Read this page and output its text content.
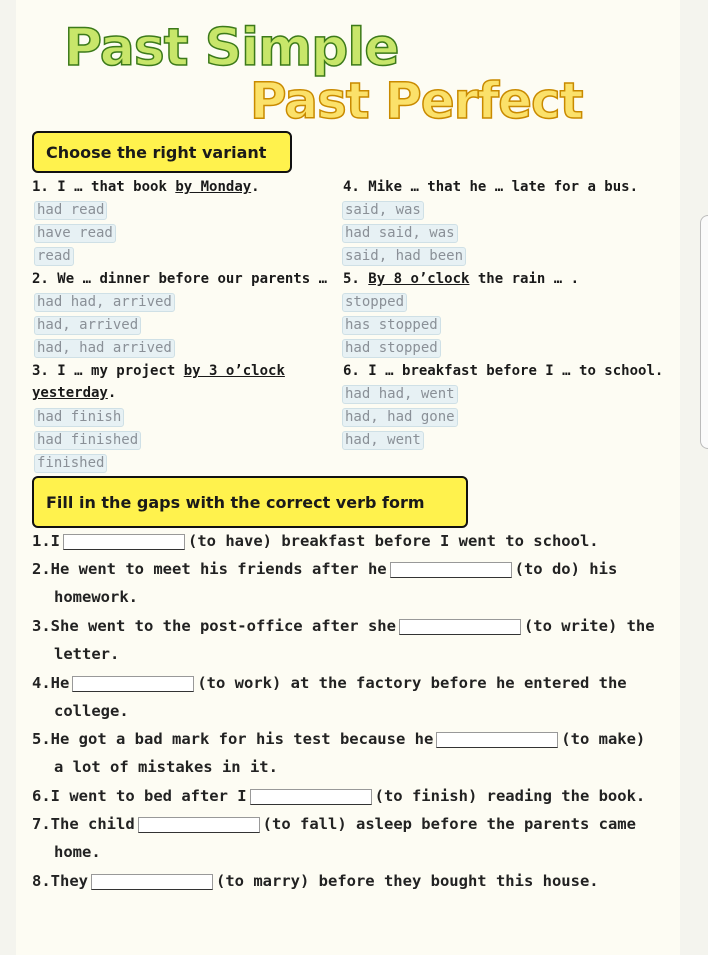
Past Simple
Past Perfect
Choose the right variant
1. I … that book by Monday.
had read
have read
read
2. We … dinner before our parents …
had had, arrived
had, arrived
had, had arrived
3. I … my project by 3 o’clock
yesterday.
had finish
had finished
finished
4. Mike … that he … late for a bus.
said, was
had said, was
said, had been
5. By 8 o’clock the rain … .
stopped
has stopped
had stopped
6. I … breakfast before I … to school.
had had, went
had, had gone
had, went
Fill in the gaps with the correct verb form
1.I	(to have) breakfast before I went to school.
2.He went to meet his friends after he	(to do) his
homework.
3.She went to the post-office after she	(to write) the
letter.
4.He	(to work) at the factory before he entered the
college.
5.He got a bad mark for his test because he	(to make)
a lot of mistakes in it.
6.I went to bed after I	(to finish) reading the book.
7.The child	(to fall) asleep before the parents came
home.
8.They	(to marry) before they bought this house.
